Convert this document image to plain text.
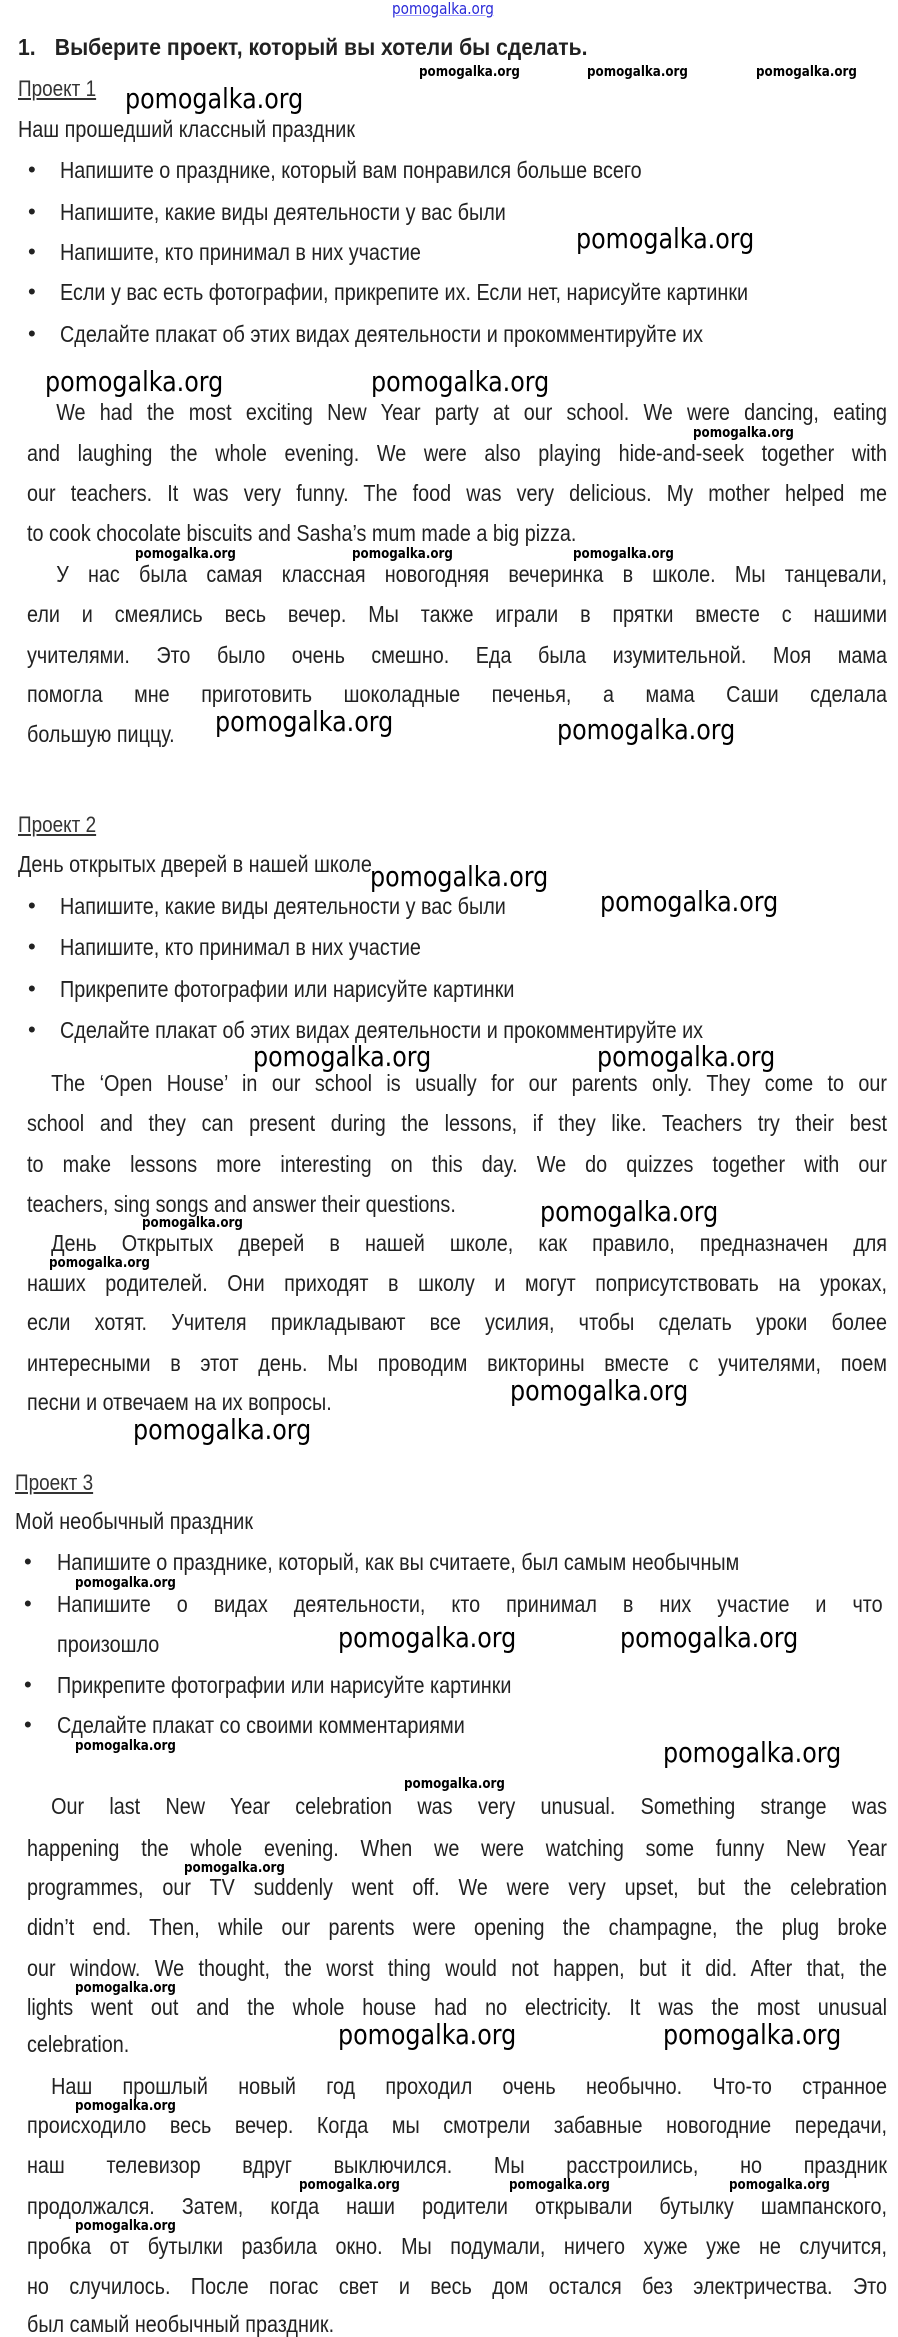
pomogalka.org
1. Выберите проект, который вы хотели бы сделать.
Проект 1
Наш прошедший классный праздник
• Напишите о празднике, который вам понравился больше всего
• Напишите, какие виды деятельности у вас были
• Напишите, кто принимал в них участие
• Если у вас есть фотографии, прикрепите их. Если нет, нарисуйте картинки
• Сделайте плакат об этих видах деятельности и прокомментируйте их
We had the most exciting New Year party at our school. We were dancing, eating
and laughing the whole evening. We were also playing hide-and-seek together with
our teachers. It was very funny. The food was very delicious. My mother helped me
to cook chocolate biscuits and Sasha’s mum made a big pizza.
У нас была самая классная новогодняя вечеринка в школе. Мы танцевали,
ели и смеялись весь вечер. Мы также играли в прятки вместе с нашими
учителями. Это было очень смешно. Еда была изумительной. Моя мама
помогла мне приготовить шоколадные печенья, а мама Саши сделала
большую пиццу.
Проект 2
День открытых дверей в нашей школе
• Напишите, какие виды деятельности у вас были
• Напишите, кто принимал в них участие
• Прикрепите фотографии или нарисуйте картинки
• Сделайте плакат об этих видах деятельности и прокомментируйте их
The ‘Open House’ in our school is usually for our parents only. They come to our
school and they can present during the lessons, if they like. Teachers try their best
to make lessons more interesting on this day. We do quizzes together with our
teachers, sing songs and answer their questions.
День Открытых дверей в нашей школе, как правило, предназначен для
наших родителей. Они приходят в школу и могут поприсутствовать на уроках,
если хотят. Учителя прикладывают все усилия, чтобы сделать уроки более
интересными в этот день. Мы проводим викторины вместе с учителями, поем
песни и отвечаем на их вопросы.
Проект 3
Мой необычный праздник
• Напишите о празднике, который, как вы считаете, был самым необычным
• Напишите о видах деятельности, кто принимал в них участие и что
произошло
• Прикрепите фотографии или нарисуйте картинки
• Сделайте плакат со своими комментариями
Our last New Year celebration was very unusual. Something strange was
happening the whole evening. When we were watching some funny New Year
programmes, our TV suddenly went off. We were very upset, but the celebration
didn’t end. Then, while our parents were opening the champagne, the plug broke
our window. We thought, the worst thing would not happen, but it did. After that, the
lights went out and the whole house had no electricity. It was the most unusual
celebration.
Наш прошлый новый год проходил очень необычно. Что-то странное
происходило весь вечер. Когда мы смотрели забавные новогодние передачи,
наш телевизор вдруг выключился. Мы расстроились, но праздник
продолжался. Затем, когда наши родители открывали бутылку шампанского,
пробка от бутылки разбила окно. Мы подумали, ничего хуже уже не случится,
но случилось. После погас свет и весь дом остался без электричества. Это
был самый необычный праздник.
pomogalka.org	pomogalka.org	pomogalka.org
pomogalka.org
pomogalka.org
pomogalka.org	pomogalka.org
pomogalka.org
pomogalka.org	pomogalka.org	pomogalka.org
pomogalka.org	pomogalka.org
pomogalka.org
pomogalka.org
pomogalka.org	pomogalka.org
pomogalka.org
pomogalka.org
pomogalka.org
pomogalka.org
pomogalka.org
pomogalka.org
pomogalka.org
pomogalka.org
pomogalka.org	pomogalka.org
pomogalka.org
pomogalka.org
pomogalka.org
pomogalka.org	pomogalka.org
pomogalka.org
pomogalka.org	pomogalka.org	pomogalka.org
pomogalka.org
